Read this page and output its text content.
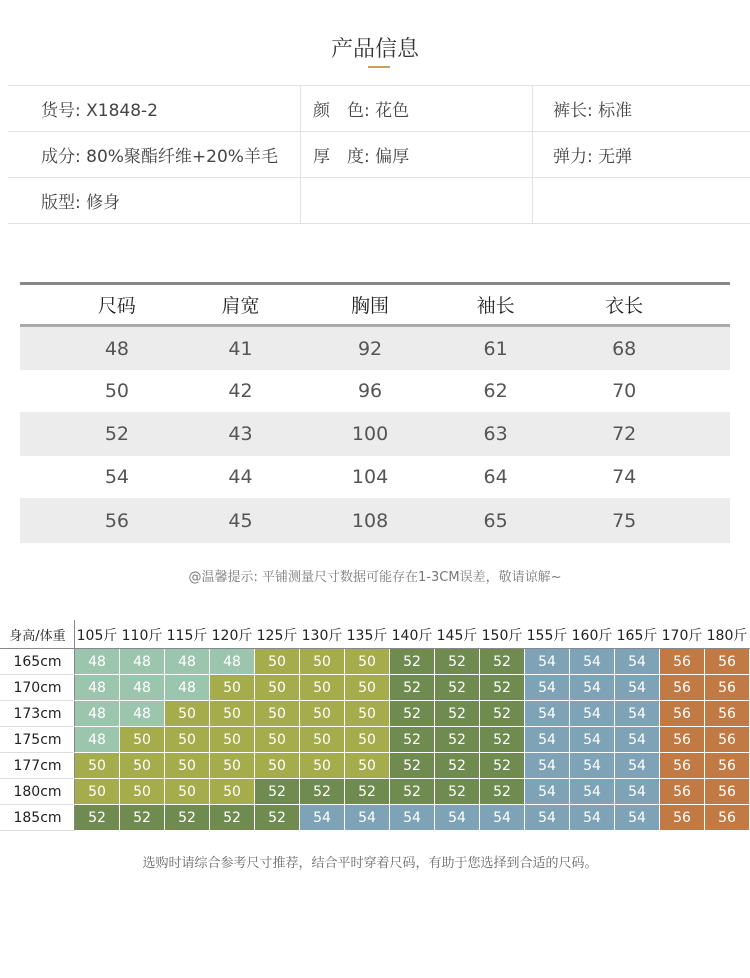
产品信息
货号: X1848-2	颜　色: 花色	裤长: 标准
成分: 80%聚酯纤维+20%羊毛	厚　度: 偏厚	弹力: 无弹
版型: 修身
尺码	肩宽	胸围	袖长	衣长
48	41	92	61	68
50	42	96	62	70
52	43	100	63	72
54	44	104	64	74
56	45	108	65	75
@温馨提示: 平铺测量尺寸数据可能存在1-3CM误差，敬请谅解~
身高/体重	105斤	110斤	115斤	120斤	125斤	130斤	135斤	140斤	145斤	150斤	155斤	160斤	165斤	170斤	180斤
165cm	48	48	48	48	50	50	50	52	52	52	54	54	54	56	56
170cm	48	48	48	50	50	50	50	52	52	52	54	54	54	56	56
173cm	48	48	50	50	50	50	50	52	52	52	54	54	54	56	56
175cm	48	50	50	50	50	50	50	52	52	52	54	54	54	56	56
177cm	50	50	50	50	50	50	50	52	52	52	54	54	54	56	56
180cm	50	50	50	50	52	52	52	52	52	52	54	54	54	56	56
185cm	52	52	52	52	52	54	54	54	54	54	54	54	54	56	56
选购时请综合参考尺寸推荐，结合平时穿着尺码，有助于您选择到合适的尺码。
